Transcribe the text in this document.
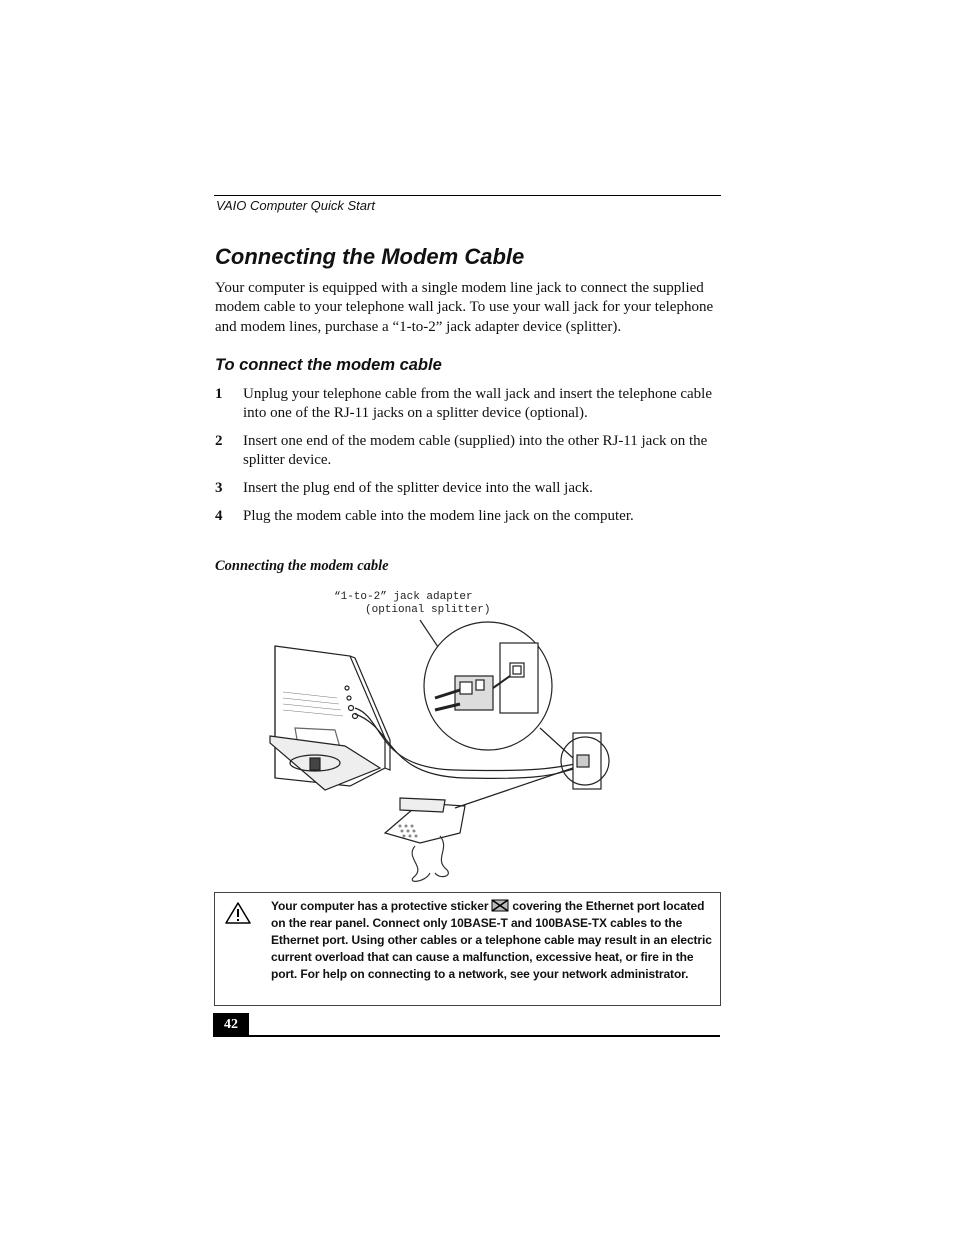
VAIO Computer Quick Start
Connecting the Modem Cable

Your computer is equipped with a single modem line jack to connect the supplied modem cable to your telephone wall jack. To use your wall jack for your telephone and modem lines, purchase a “1-to-2” jack adapter device (splitter).

To connect the modem cable
1	Unplug your telephone cable from the wall jack and insert the telephone cable into one of the RJ-11 jacks on a splitter device (optional).
2	Insert one end of the modem cable (supplied) into the other RJ-11 jack on the splitter device.
3	Insert the plug end of the splitter device into the wall jack.
4	Plug the modem cable into the modem line jack on the computer.
Connecting the modem cable
“1-to-2” jack adapter
(optional splitter)

Your computer has a protective sticker covering the Ethernet port located on the rear panel. Connect only 10BASE-T and 100BASE-TX cables to the Ethernet port. Using other cables or a telephone cable may result in an electric current overload that can cause a malfunction, excessive heat, or fire in the port. For help on connecting to a network, see your network administrator.

42
